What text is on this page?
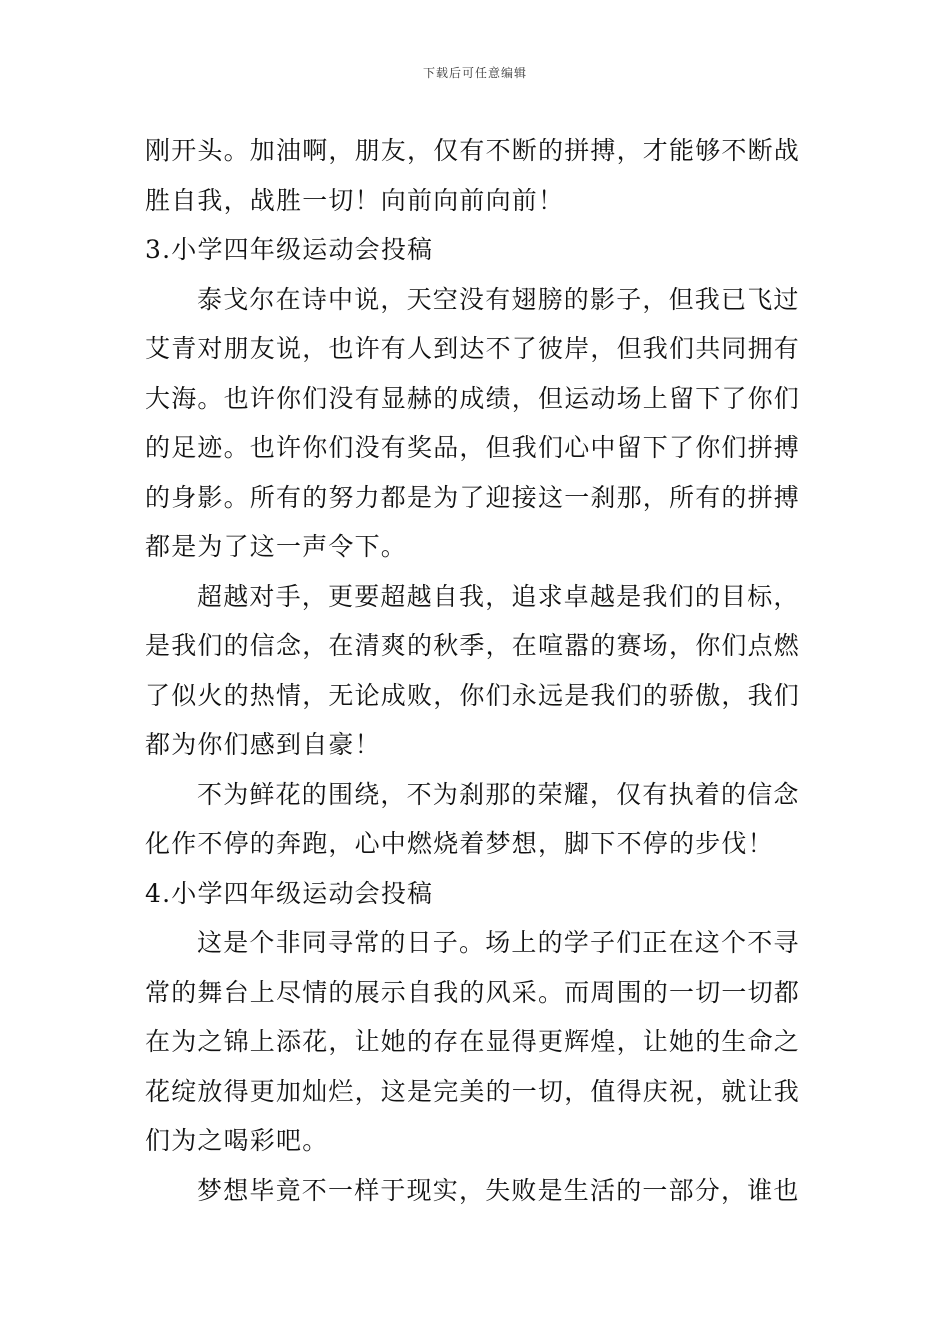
下载后可任意编辑
刚开头。加油啊，朋友，仅有不断的拼搏，才能够不断战
胜自我，战胜一切！向前向前向前！
3.小学四年级运动会投稿
泰戈尔在诗中说，天空没有翅膀的影子，但我已飞过
艾青对朋友说，也许有人到达不了彼岸，但我们共同拥有
大海。也许你们没有显赫的成绩，但运动场上留下了你们
的足迹。也许你们没有奖品，但我们心中留下了你们拼搏
的身影。所有的努力都是为了迎接这一刹那，所有的拼搏
都是为了这一声令下。
超越对手，更要超越自我，追求卓越是我们的目标，
是我们的信念，在清爽的秋季，在喧嚣的赛场，你们点燃
了似火的热情，无论成败，你们永远是我们的骄傲，我们
都为你们感到自豪！
不为鲜花的围绕，不为刹那的荣耀，仅有执着的信念
化作不停的奔跑，心中燃烧着梦想，脚下不停的步伐！
4.小学四年级运动会投稿
这是个非同寻常的日子。场上的学子们正在这个不寻
常的舞台上尽情的展示自我的风采。而周围的一切一切都
在为之锦上添花，让她的存在显得更辉煌，让她的生命之
花绽放得更加灿烂，这是完美的一切，值得庆祝，就让我
们为之喝彩吧。
梦想毕竟不一样于现实，失败是生活的一部分，谁也
